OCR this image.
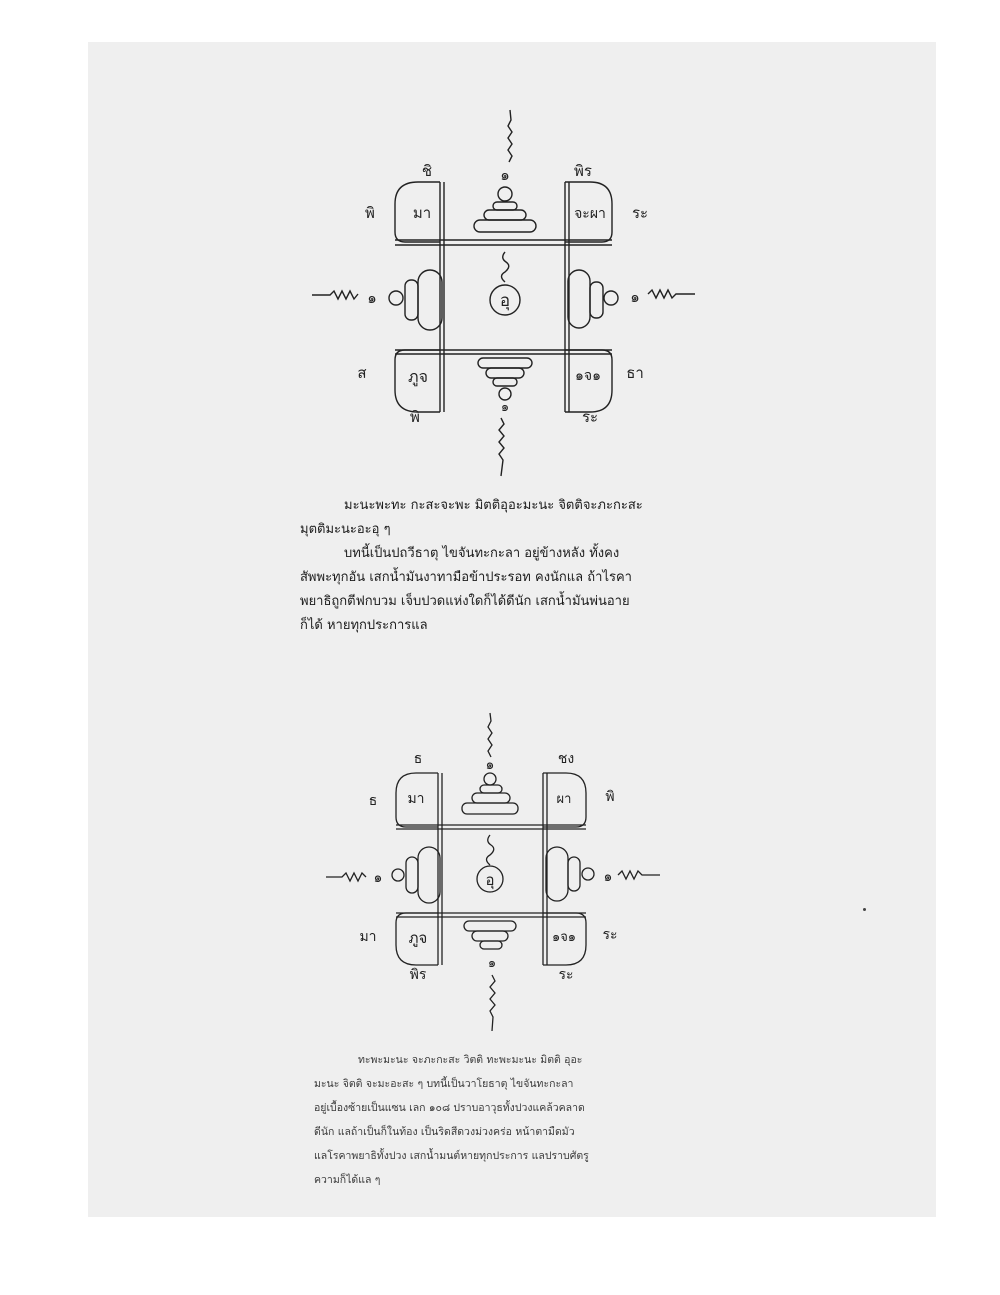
๑
๑
๑	๑
อุ
ชิ
พิ	มา
พิร
ระ
จะผา
พิ
ส	ภูจ
ระ
ธา
๑จ๑
มะนะพะทะ กะสะจะพะ มิตติอุอะมะนะ จิตติจะภะกะสะ
มุตติมะนะอะอุ ๆ
บทนี้เป็นปถวีธาตุ ไขจันทะกะลา อยู่ข้างหลัง ทั้งคง
สัพพะทุกอัน เสกน้ำมันงาทามือข้าประรอท คงนักแล ถ้าไรคา
พยาธิถูกตีฟกบวม เจ็บปวดแห่งใดก็ได้ดีนัก เสกน้ำมันพ่นอาย
ก็ได้ หายทุกประการแล
๑
๑
๑	๑
อุ
ธ
ธ มา
ชง
พิ
ผา
พิร
มา ภูจ
ระ
ระ
๑จ๑
ทะพะมะนะ จะภะกะสะ วิตติ ทะพะมะนะ มิตติ อุอะ
มะนะ จิตติ จะมะอะสะ ๆ บทนี้เป็นวาโยธาตุ ไขจันทะกะลา
อยู่เบื้องซ้ายเป็นแซน เลก ๑๐๘ ปราบอาวุธทั้งปวงแคล้วคลาด
ดีนัก แลถ้าเป็นก็ในท้อง เป็นริดสีดวงม่วงคร่อ หน้าตามืดมัว
แลโรคาพยาธิทั้งปวง เสกน้ำมนต์หายทุกประการ แลปราบศัตรู
ความก็ได้แล ๆ
